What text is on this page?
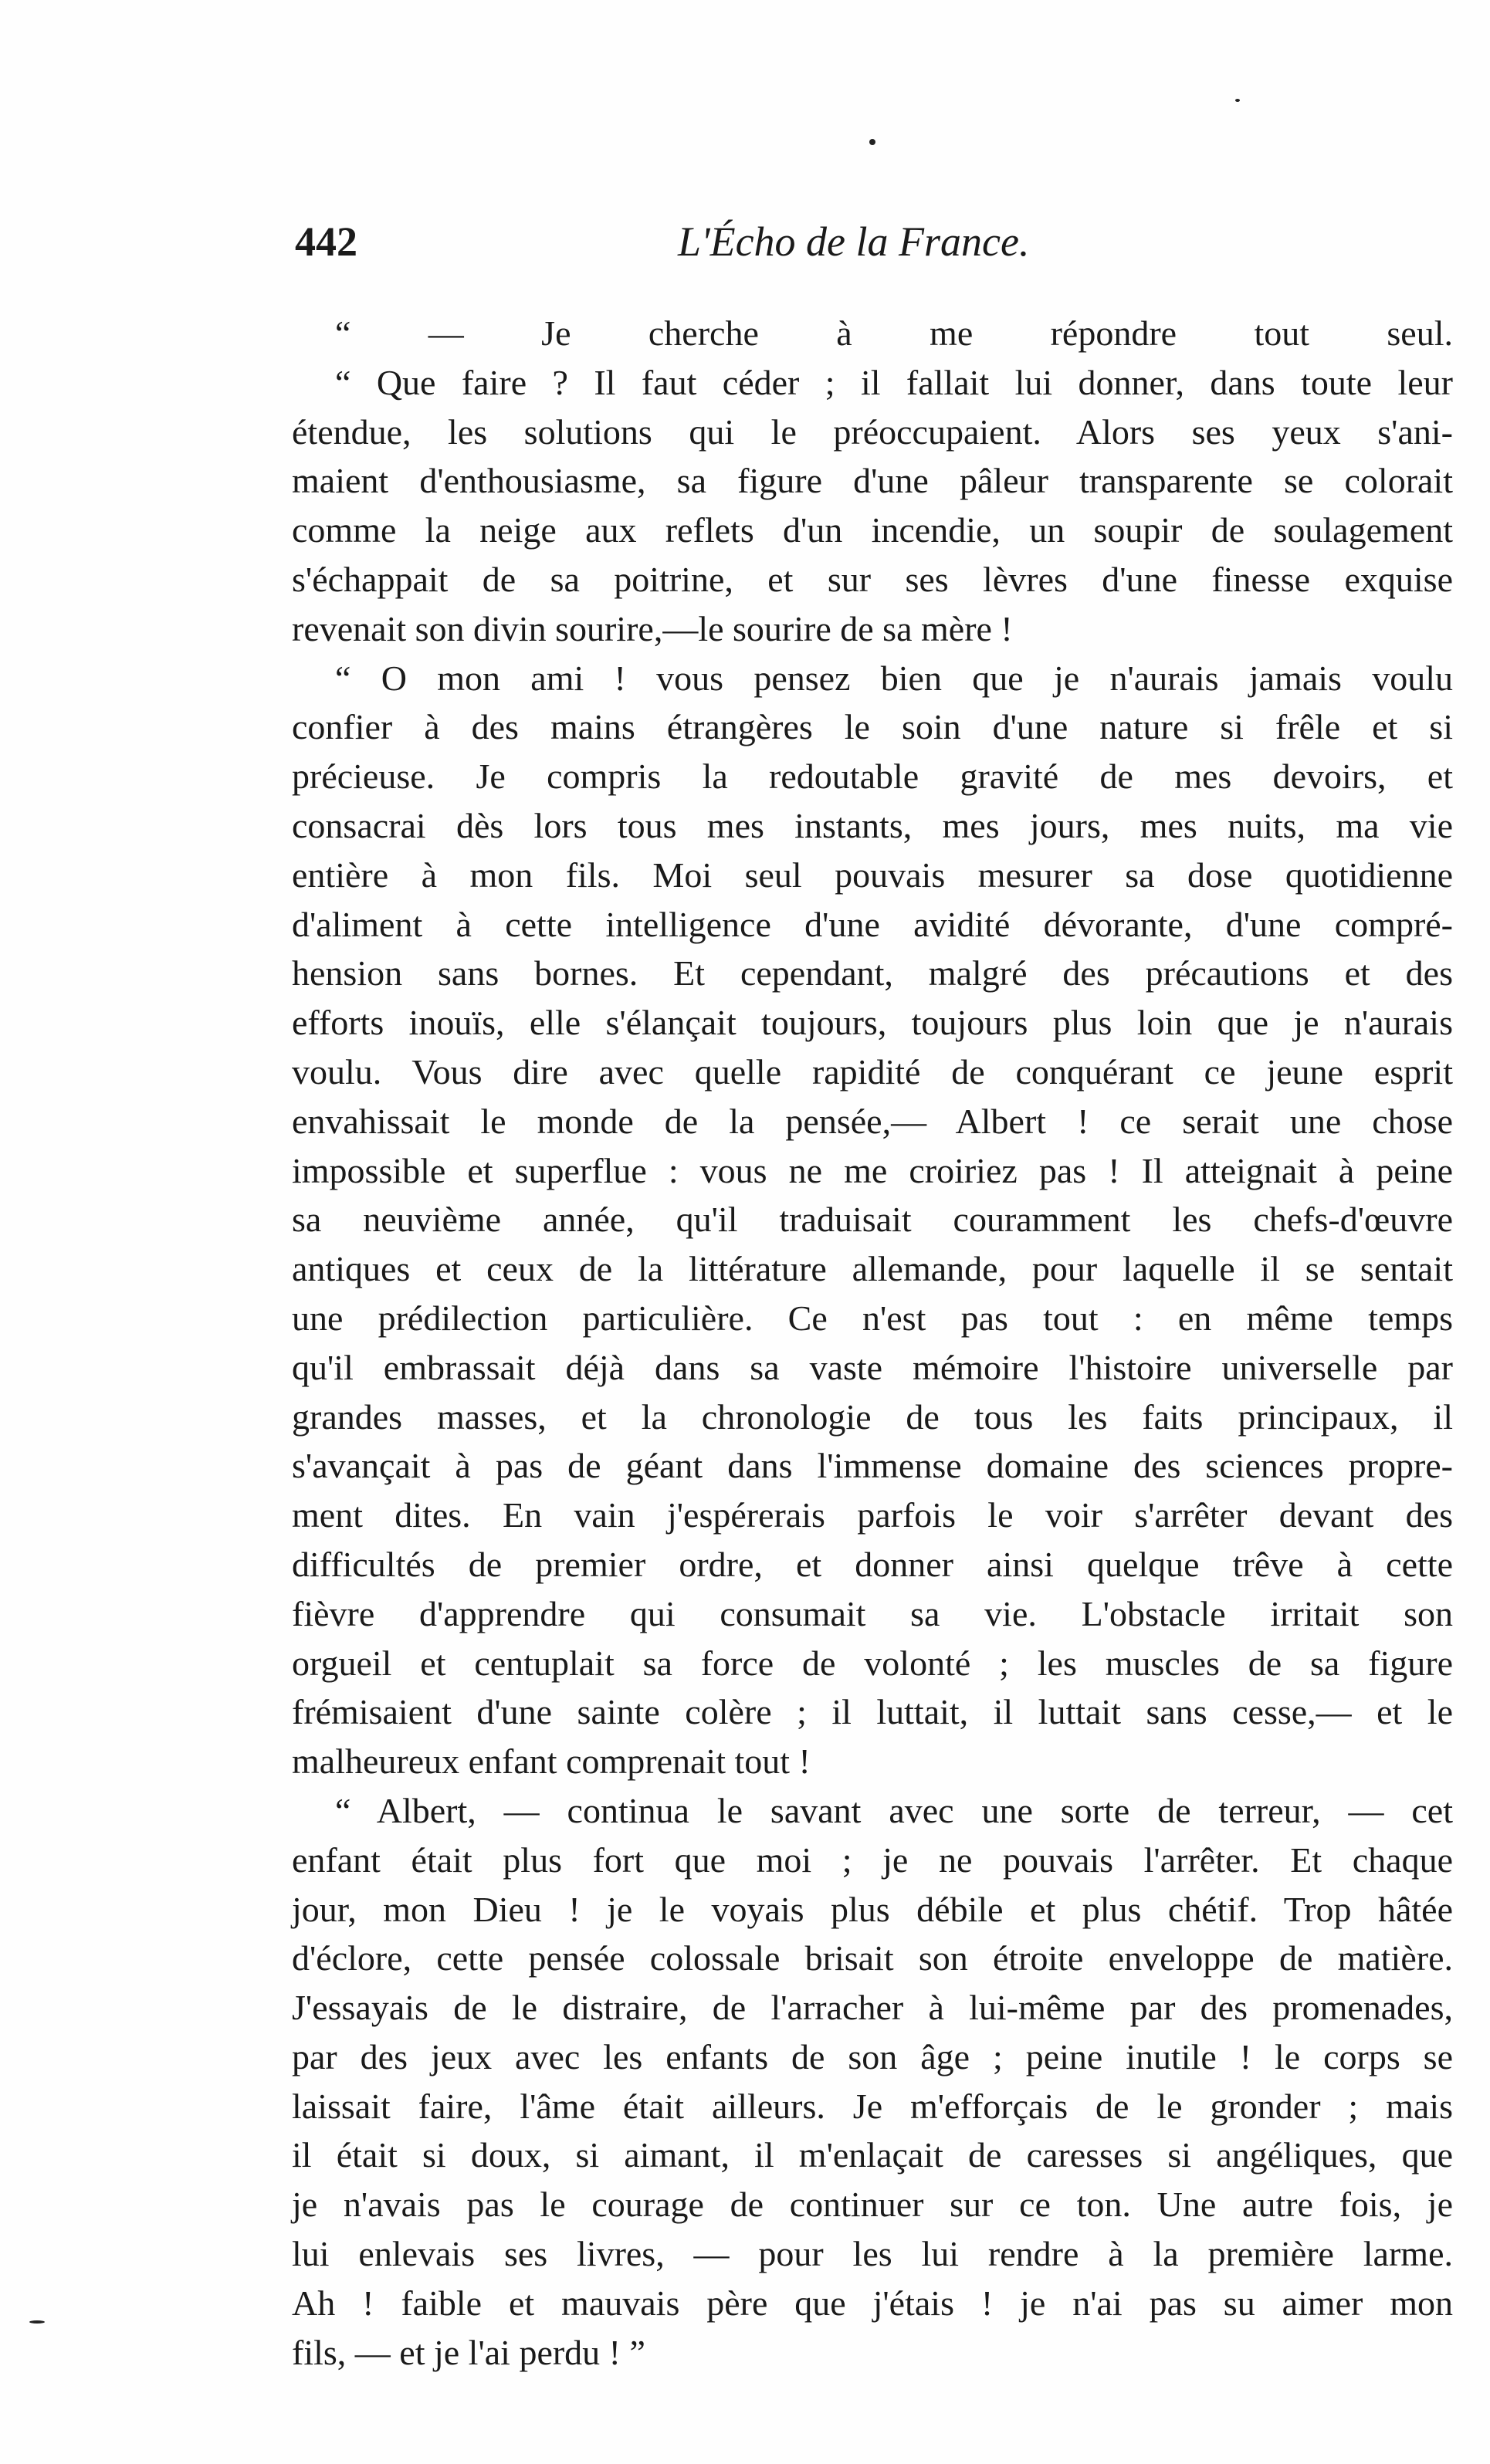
442	L'Écho de la France.
“ — Je cherche à me répondre tout seul.
“ Que faire ? Il faut céder ; il fallait lui donner, dans toute leur
étendue, les solutions qui le préoccupaient. Alors ses yeux s'ani-
maient d'enthousiasme, sa figure d'une pâleur transparente se colorait
comme la neige aux reflets d'un incendie, un soupir de soulagement
s'échappait de sa poitrine, et sur ses lèvres d'une finesse exquise
revenait son divin sourire,—le sourire de sa mère !
“ O mon ami ! vous pensez bien que je n'aurais jamais voulu
confier à des mains étrangères le soin d'une nature si frêle et si
précieuse. Je compris la redoutable gravité de mes devoirs, et
consacrai dès lors tous mes instants, mes jours, mes nuits, ma vie
entière à mon fils. Moi seul pouvais mesurer sa dose quotidienne
d'aliment à cette intelligence d'une avidité dévorante, d'une compré-
hension sans bornes. Et cependant, malgré des précautions et des
efforts inouïs, elle s'élançait toujours, toujours plus loin que je n'aurais
voulu. Vous dire avec quelle rapidité de conquérant ce jeune esprit
envahissait le monde de la pensée,— Albert ! ce serait une chose
impossible et superflue : vous ne me croiriez pas ! Il atteignait à peine
sa neuvième année, qu'il traduisait couramment les chefs-d'œuvre
antiques et ceux de la littérature allemande, pour laquelle il se sentait
une prédilection particulière. Ce n'est pas tout : en même temps
qu'il embrassait déjà dans sa vaste mémoire l'histoire universelle par
grandes masses, et la chronologie de tous les faits principaux, il
s'avançait à pas de géant dans l'immense domaine des sciences propre-
ment dites. En vain j'espérerais parfois le voir s'arrêter devant des
difficultés de premier ordre, et donner ainsi quelque trêve à cette
fièvre d'apprendre qui consumait sa vie. L'obstacle irritait son
orgueil et centuplait sa force de volonté ; les muscles de sa figure
frémisaient d'une sainte colère ; il luttait, il luttait sans cesse,— et le
malheureux enfant comprenait tout !
“ Albert, — continua le savant avec une sorte de terreur, — cet
enfant était plus fort que moi ; je ne pouvais l'arrêter. Et chaque
jour, mon Dieu ! je le voyais plus débile et plus chétif. Trop hâtée
d'éclore, cette pensée colossale brisait son étroite enveloppe de matière.
J'essayais de le distraire, de l'arracher à lui-même par des promenades,
par des jeux avec les enfants de son âge ; peine inutile ! le corps se
laissait faire, l'âme était ailleurs. Je m'efforçais de le gronder ; mais
il était si doux, si aimant, il m'enlaçait de caresses si angéliques, que
je n'avais pas le courage de continuer sur ce ton. Une autre fois, je
lui enlevais ses livres, — pour les lui rendre à la première larme.
Ah ! faible et mauvais père que j'étais ! je n'ai pas su aimer mon
fils, — et je l'ai perdu ! ”
